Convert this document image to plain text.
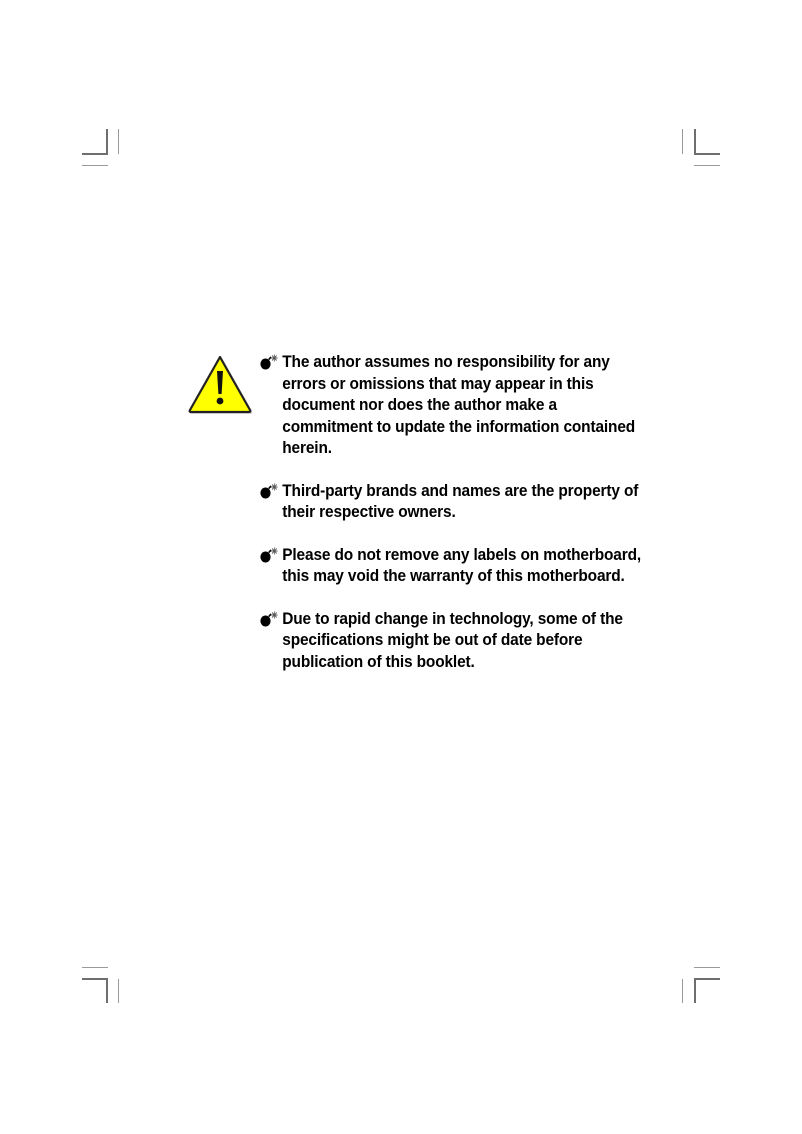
The author assumes no responsibility for any errors or omissions that may appear in this document nor does the author make a commitment to update the information contained herein.
Third-party brands and names are the property of their respective owners.
Please do not remove any labels on motherboard, this may void the warranty of this motherboard.
Due to rapid change in technology, some of the specifications might be out of date before publication of this booklet.
